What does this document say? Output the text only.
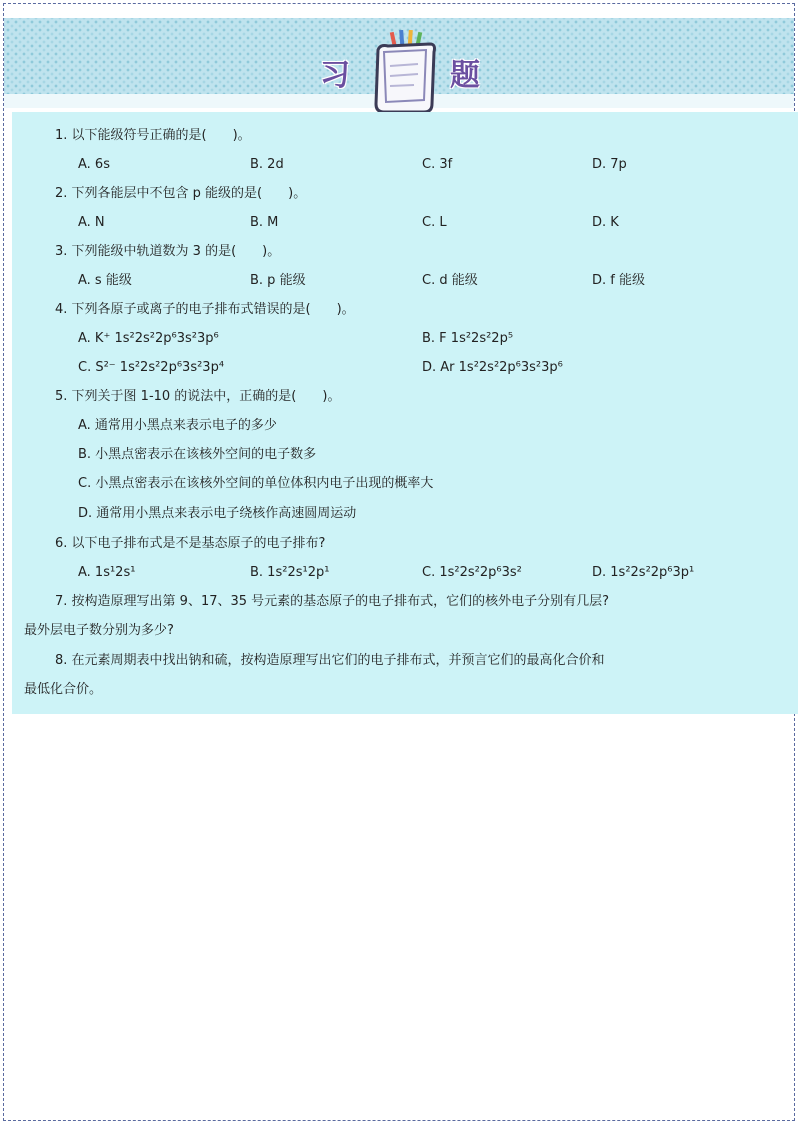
习	题
1. 以下能级符号正确的是(　　)。
A. 6s	B. 2d	C. 3f	D. 7p
2. 下列各能层中不包含 p 能级的是(　　)。
A. N	B. M	C. L	D. K
3. 下列能级中轨道数为 3 的是(　　)。
A. s 能级	B. p 能级	C. d 能级	D. f 能级
4. 下列各原子或离子的电子排布式错误的是(　　)。
A. K⁺ 1s²2s²2p⁶3s²3p⁶	B. F 1s²2s²2p⁵
C. S²⁻ 1s²2s²2p⁶3s²3p⁴	D. Ar 1s²2s²2p⁶3s²3p⁶
5. 下列关于图 1-10 的说法中，正确的是(　　)。
A. 通常用小黑点来表示电子的多少
B. 小黑点密表示在该核外空间的电子数多
C. 小黑点密表示在该核外空间的单位体积内电子出现的概率大
D. 通常用小黑点来表示电子绕核作高速圆周运动
6. 以下电子排布式是不是基态原子的电子排布?
A. 1s¹2s¹	B. 1s²2s¹2p¹	C. 1s²2s²2p⁶3s²	D. 1s²2s²2p⁶3p¹
7. 按构造原理写出第 9、17、35 号元素的基态原子的电子排布式，它们的核外电子分别有几层?
最外层电子数分别为多少?
8. 在元素周期表中找出钠和硫，按构造原理写出它们的电子排布式，并预言它们的最高化合价和
最低化合价。
